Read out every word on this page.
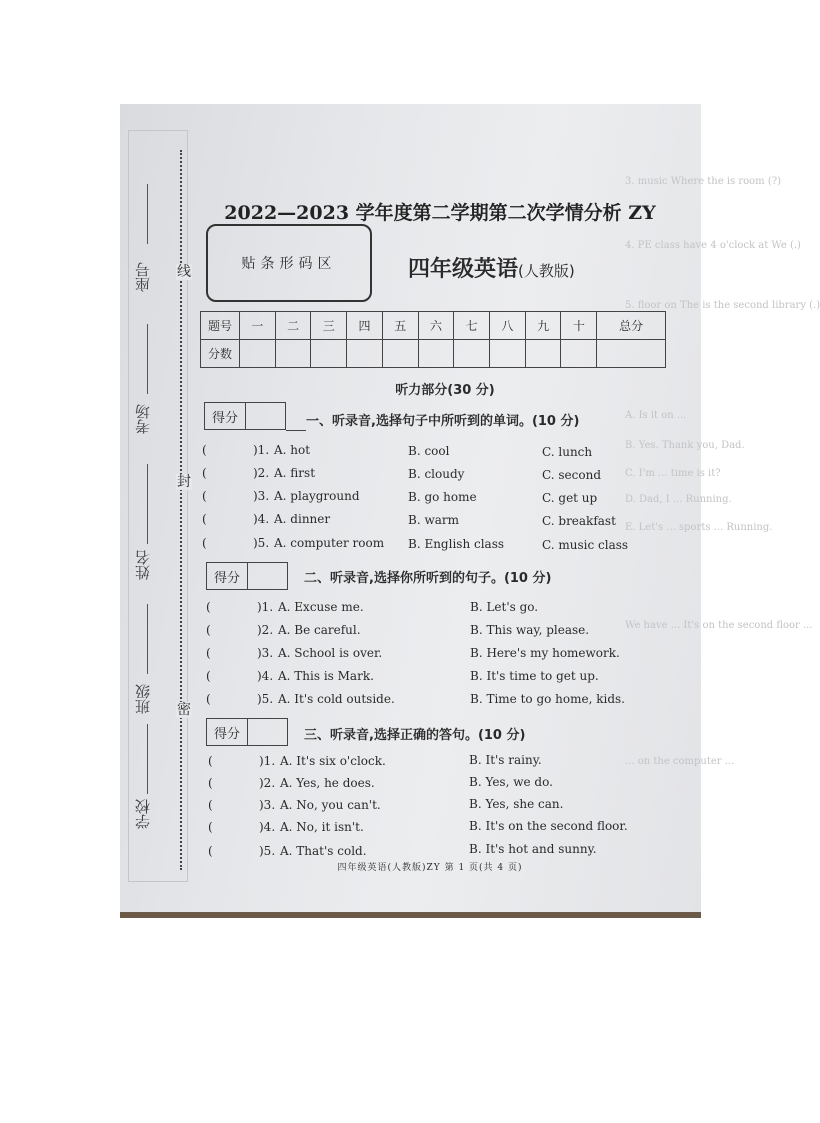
3. music Where the is room (?)
4. PE class have 4 o'clock at We (.)
5. floor on The is the second library (.)
A. Is it on ...
B. Yes. Thank you, Dad.
C. I'm ... time is it?
D. Dad, I ... Running.
E. Let's ... sports ... Running.
We have ... It's on the second floor ...
... on the computer ...
座号
考场
姓名
班级
学校
线
封
密
2022—2023 学年度第二学期第二次学情分析 ZY
贴条形码区	四年级英语(人教版)
题号	一	二	三	四	五	六	七	八	九	十	总分
分数											
听力部分(30 分)
得分	一、听录音,选择句子中所听到的单词。(10 分)
(	)1. A. hot	B. cool	C. lunch
(	)2. A. first	B. cloudy	C. second
(	)3. A. playground	B. go home	C. get up
(	)4. A. dinner	B. warm	C. breakfast
(	)5. A. computer room B. English class	C. music class
得分	二、听录音,选择你所听到的句子。(10 分)
(	)1. A. Excuse me.	B. Let's go.
(	)2. A. Be careful.	B. This way, please.
(	)3. A. School is over.	B. Here's my homework.
(	)4. A. This is Mark.	B. It's time to get up.
(	)5. A. It's cold outside.	B. Time to go home, kids.
得分	三、听录音,选择正确的答句。(10 分)
(	)1. A. It's six o'clock.	B. It's rainy.
(	)2. A. Yes, he does.	B. Yes, we do.
(	)3. A. No, you can't.	B. Yes, she can.
(	)4. A. No, it isn't.	B. It's on the second floor.
(	)5. A. That's cold.	B. It's hot and sunny.
四年级英语(人教版)ZY 第 1 页(共 4 页)
